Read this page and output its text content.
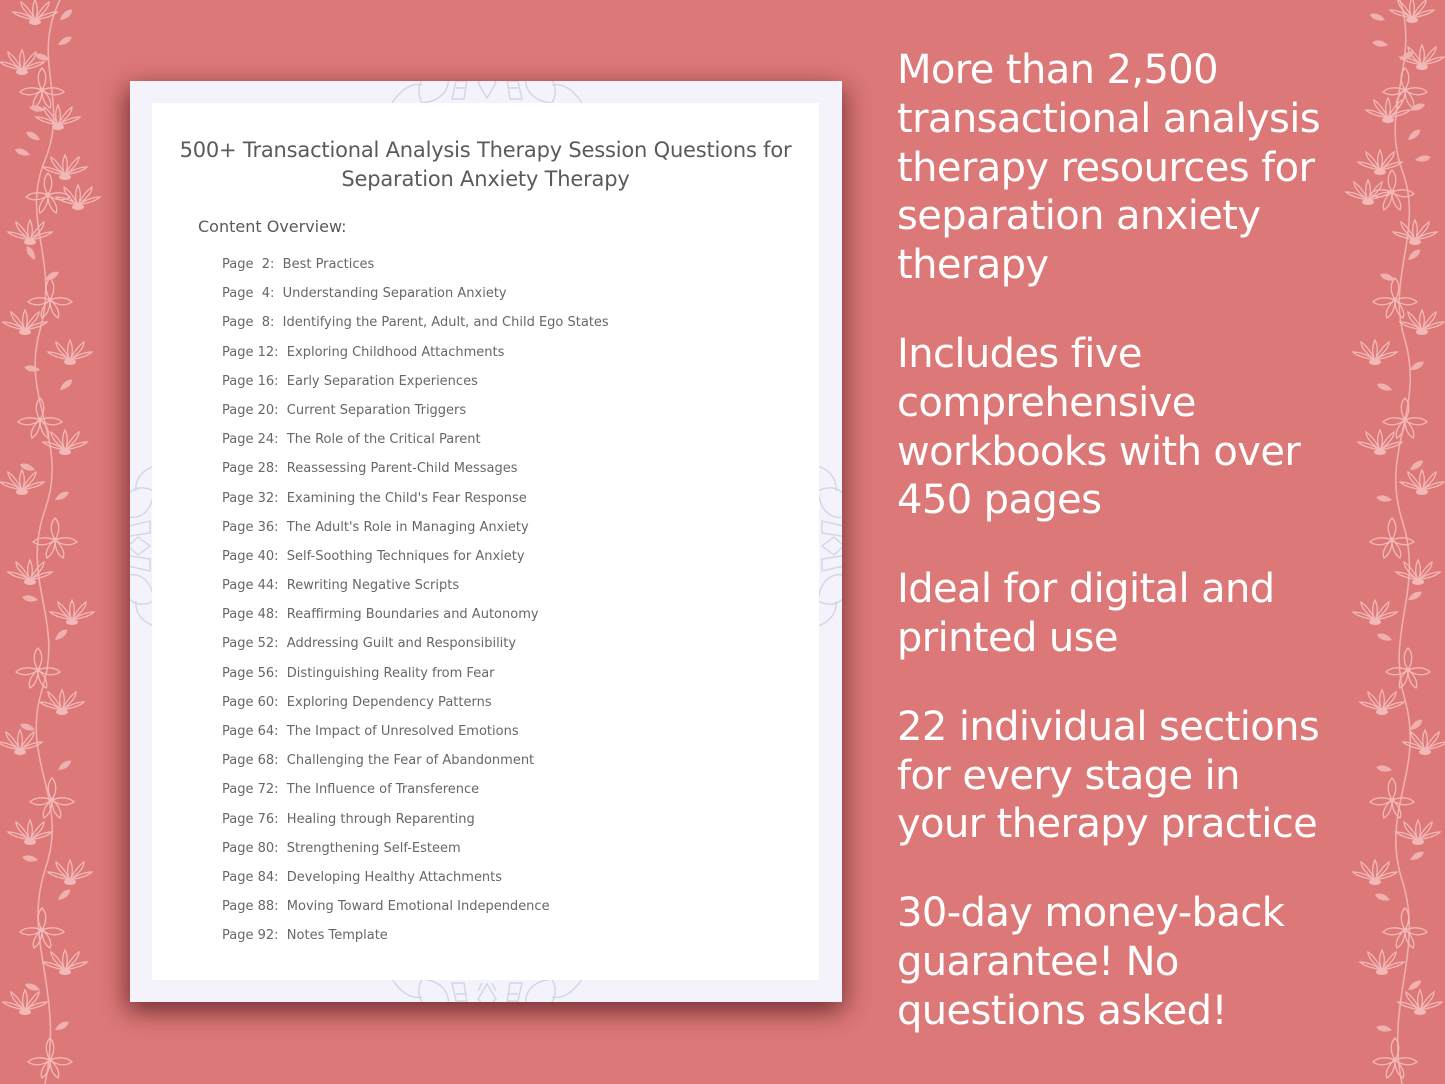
500+ Transactional Analysis Therapy Session Questions for
Separation Anxiety Therapy
Content Overview:
Page  2: Best Practices
Page  4: Understanding Separation Anxiety
Page  8: Identifying the Parent, Adult, and Child Ego States
Page 12: Exploring Childhood Attachments
Page 16: Early Separation Experiences
Page 20: Current Separation Triggers
Page 24: The Role of the Critical Parent
Page 28: Reassessing Parent-Child Messages
Page 32: Examining the Child's Fear Response
Page 36: The Adult's Role in Managing Anxiety
Page 40: Self-Soothing Techniques for Anxiety
Page 44: Rewriting Negative Scripts
Page 48: Reaffirming Boundaries and Autonomy
Page 52: Addressing Guilt and Responsibility
Page 56: Distinguishing Reality from Fear
Page 60: Exploring Dependency Patterns
Page 64: The Impact of Unresolved Emotions
Page 68: Challenging the Fear of Abandonment
Page 72: The Influence of Transference
Page 76: Healing through Reparenting
Page 80: Strengthening Self-Esteem
Page 84: Developing Healthy Attachments
Page 88: Moving Toward Emotional Independence
Page 92: Notes Template

More than 2,500 transactional analysis therapy resources for separation anxiety therapy

Includes five comprehensive workbooks with over 450 pages

Ideal for digital and printed use

22 individual sections for every stage in your therapy practice

30-day money-back guarantee! No questions asked!
